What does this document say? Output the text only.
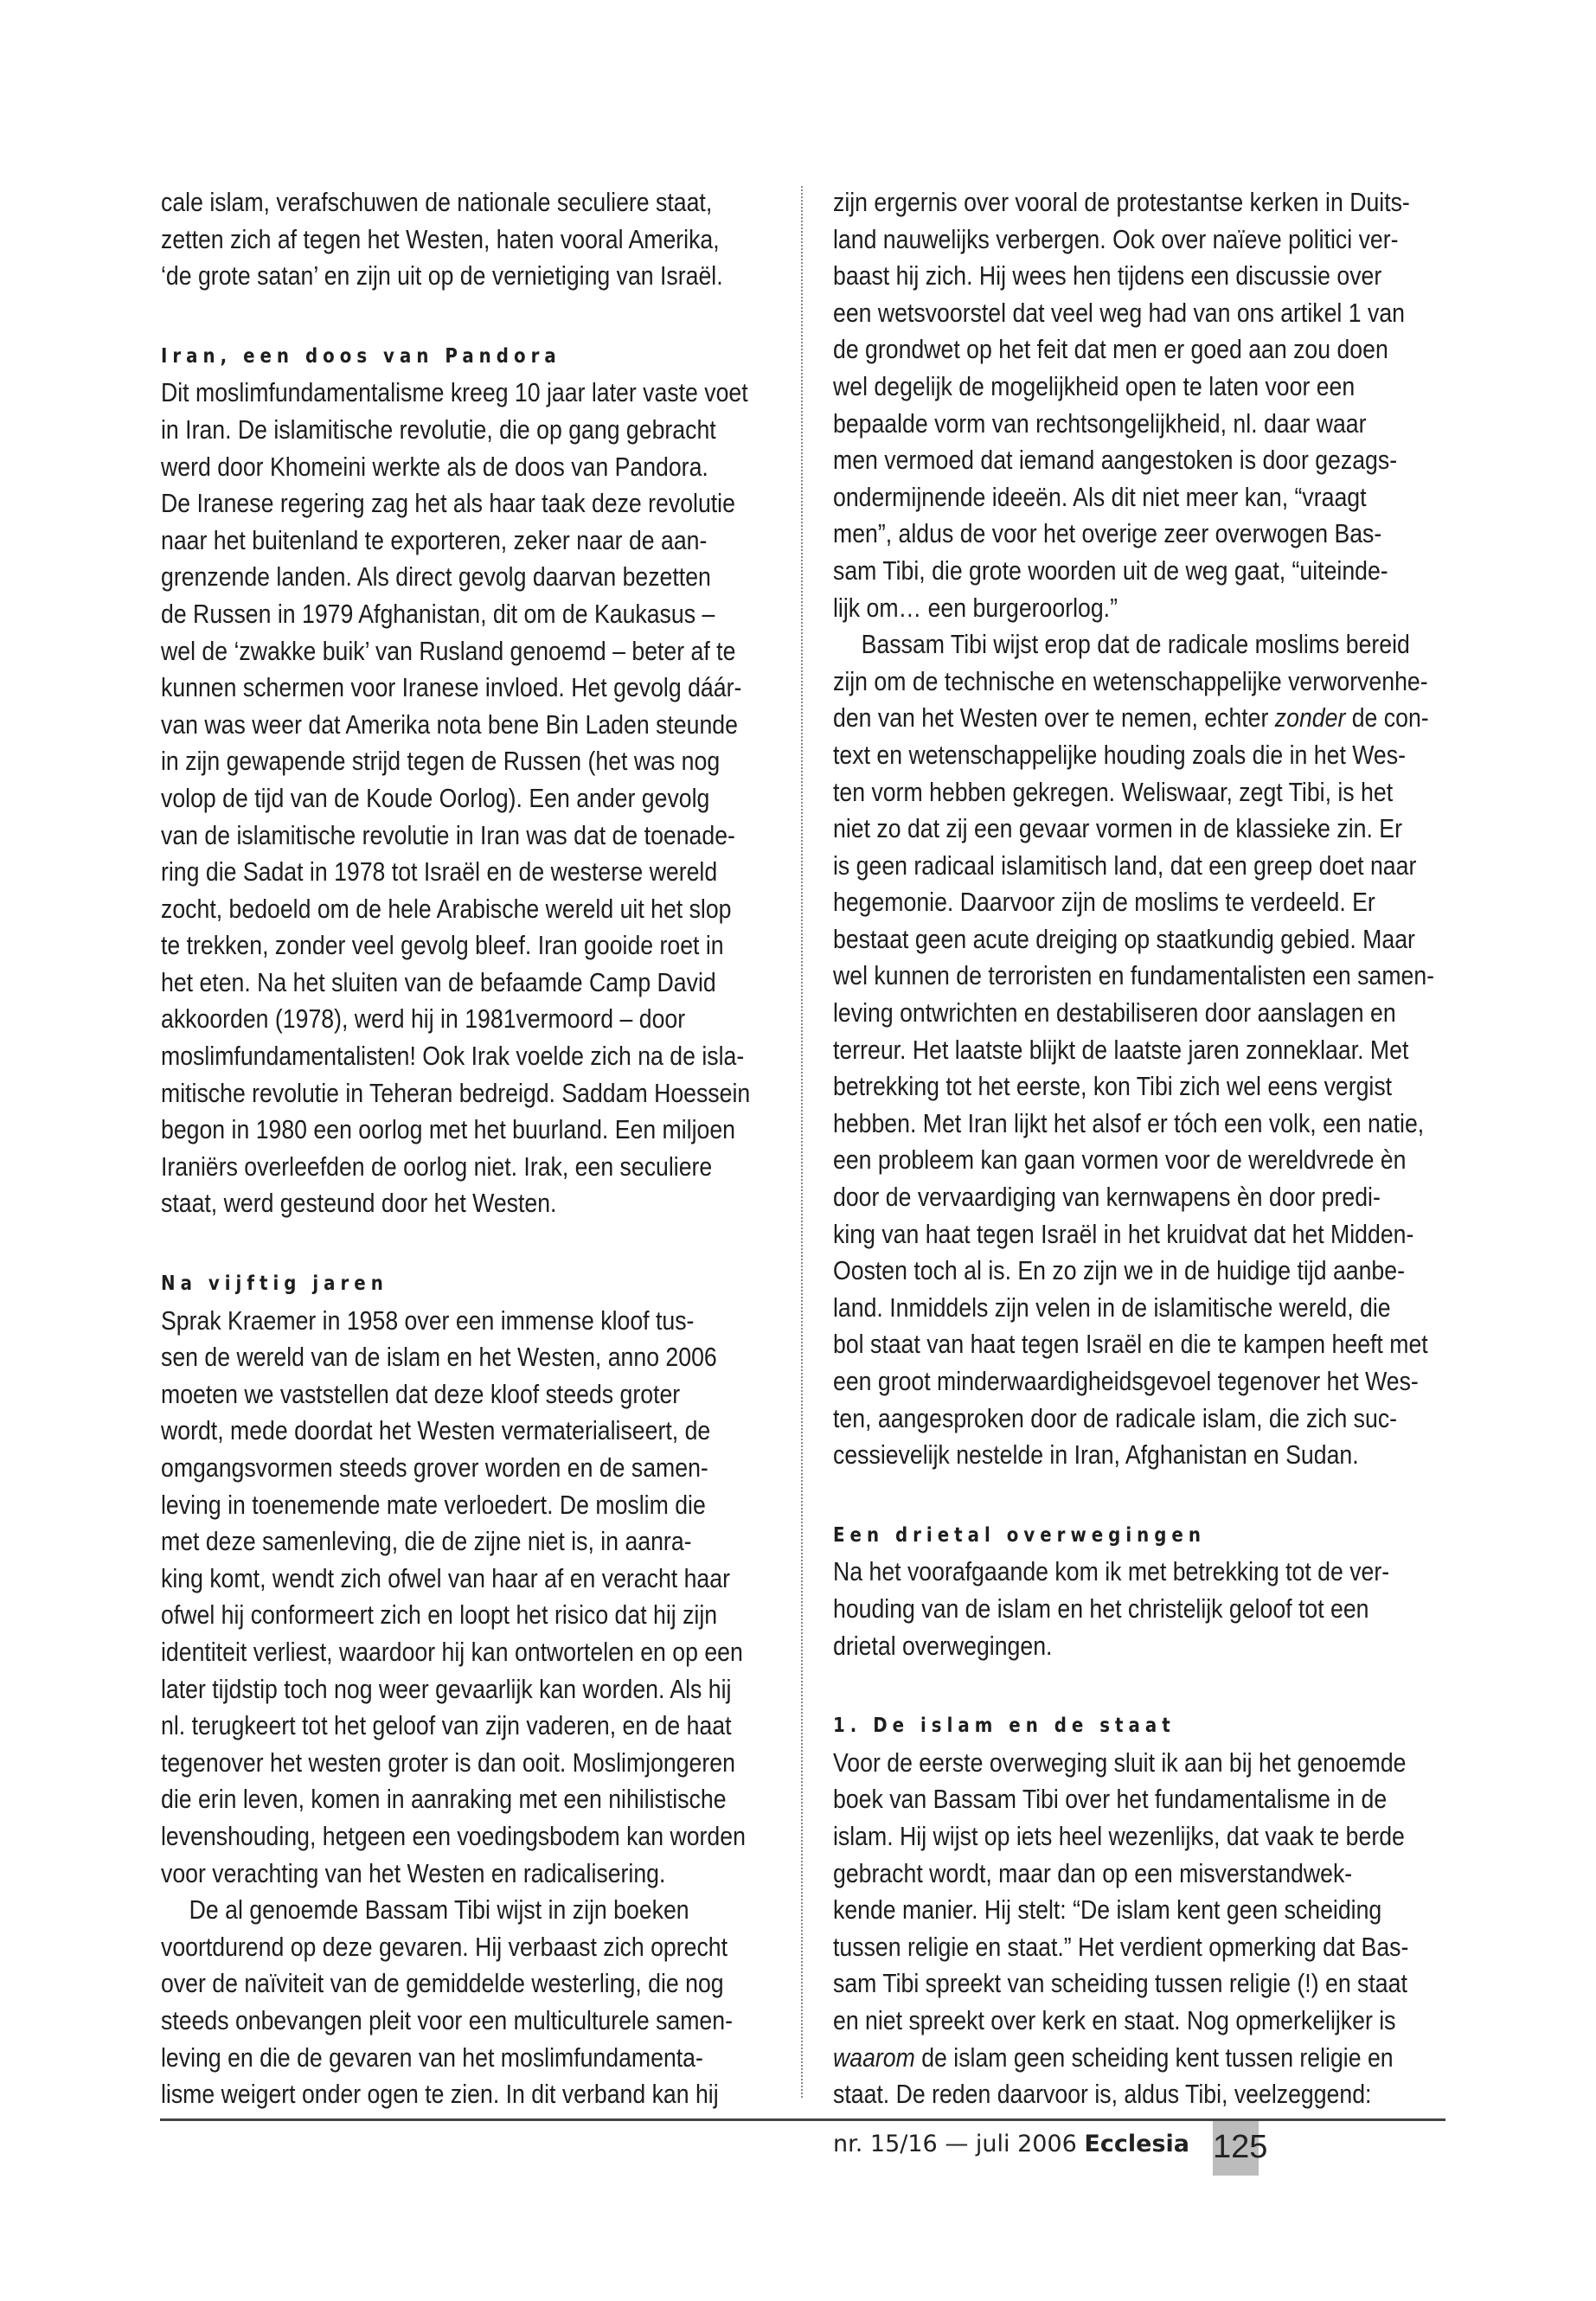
cale islam, verafschuwen de nationale seculiere staat,
zetten zich af tegen het Westen, haten vooral Amerika,
‘de grote satan’ en zijn uit op de vernietiging van Israël.
Iran, een doos van Pandora
Dit moslimfundamentalisme kreeg 10 jaar later vaste voet
in Iran. De islamitische revolutie, die op gang gebracht
werd door Khomeini werkte als de doos van Pandora.
De Iranese regering zag het als haar taak deze revolutie
naar het buitenland te exporteren, zeker naar de aan-
grenzende landen. Als direct gevolg daarvan bezetten
de Russen in 1979 Afghanistan, dit om de Kaukasus –
wel de ‘zwakke buik’ van Rusland genoemd – beter af te
kunnen schermen voor Iranese invloed. Het gevolg dáár-
van was weer dat Amerika nota bene Bin Laden steunde
in zijn gewapende strijd tegen de Russen (het was nog
volop de tijd van de Koude Oorlog). Een ander gevolg
van de islamitische revolutie in Iran was dat de toenade-
ring die Sadat in 1978 tot Israël en de westerse wereld
zocht, bedoeld om de hele Arabische wereld uit het slop
te trekken, zonder veel gevolg bleef. Iran gooide roet in
het eten. Na het sluiten van de befaamde Camp David
akkoorden (1978), werd hij in 1981vermoord – door
moslimfundamentalisten! Ook Irak voelde zich na de isla-
mitische revolutie in Teheran bedreigd. Saddam Hoessein
begon in 1980 een oorlog met het buurland. Een miljoen
Iraniërs overleefden de oorlog niet. Irak, een seculiere
staat, werd gesteund door het Westen.
Na vijftig jaren
Sprak Kraemer in 1958 over een immense kloof tus-
sen de wereld van de islam en het Westen, anno 2006
moeten we vaststellen dat deze kloof steeds groter
wordt, mede doordat het Westen vermaterialiseert, de
omgangsvormen steeds grover worden en de samen-
leving in toenemende mate verloedert. De moslim die
met deze samenleving, die de zijne niet is, in aanra-
king komt, wendt zich ofwel van haar af en veracht haar
ofwel hij conformeert zich en loopt het risico dat hij zijn
identiteit verliest, waardoor hij kan ontwortelen en op een
later tijdstip toch nog weer gevaarlijk kan worden. Als hij
nl. terugkeert tot het geloof van zijn vaderen, en de haat
tegenover het westen groter is dan ooit. Moslimjongeren
die erin leven, komen in aanraking met een nihilistische
levenshouding, hetgeen een voedingsbodem kan worden
voor verachting van het Westen en radicalisering.
De al genoemde Bassam Tibi wijst in zijn boeken
voortdurend op deze gevaren. Hij verbaast zich oprecht
over de naïviteit van de gemiddelde westerling, die nog
steeds onbevangen pleit voor een multiculturele samen-
leving en die de gevaren van het moslimfundamenta-
lisme weigert onder ogen te zien. In dit verband kan hij
zijn ergernis over vooral de protestantse kerken in Duits-
land nauwelijks verbergen. Ook over naïeve politici ver-
baast hij zich. Hij wees hen tijdens een discussie over
een wetsvoorstel dat veel weg had van ons artikel 1 van
de grondwet op het feit dat men er goed aan zou doen
wel degelijk de mogelijkheid open te laten voor een
bepaalde vorm van rechtsongelijkheid, nl. daar waar
men vermoed dat iemand aangestoken is door gezags-
ondermijnende ideeën. Als dit niet meer kan, “vraagt
men”, aldus de voor het overige zeer overwogen Bas-
sam Tibi, die grote woorden uit de weg gaat, “uiteinde-
lijk om… een burgeroorlog.”
Bassam Tibi wijst erop dat de radicale moslims bereid
zijn om de technische en wetenschappelijke verworvenhe-
den van het Westen over te nemen, echter zonder de con-
text en wetenschappelijke houding zoals die in het Wes-
ten vorm hebben gekregen. Weliswaar, zegt Tibi, is het
niet zo dat zij een gevaar vormen in de klassieke zin. Er
is geen radicaal islamitisch land, dat een greep doet naar
hegemonie. Daarvoor zijn de moslims te verdeeld. Er
bestaat geen acute dreiging op staatkundig gebied. Maar
wel kunnen de terroristen en fundamentalisten een samen-
leving ontwrichten en destabiliseren door aanslagen en
terreur. Het laatste blijkt de laatste jaren zonneklaar. Met
betrekking tot het eerste, kon Tibi zich wel eens vergist
hebben. Met Iran lijkt het alsof er tóch een volk, een natie,
een probleem kan gaan vormen voor de wereldvrede èn
door de vervaardiging van kernwapens èn door predi-
king van haat tegen Israël in het kruidvat dat het Midden-
Oosten toch al is. En zo zijn we in de huidige tijd aanbe-
land. Inmiddels zijn velen in de islamitische wereld, die
bol staat van haat tegen Israël en die te kampen heeft met
een groot minderwaardigheidsgevoel tegenover het Wes-
ten, aangesproken door de radicale islam, die zich suc-
cessievelijk nestelde in Iran, Afghanistan en Sudan.
Een drietal overwegingen
Na het voorafgaande kom ik met betrekking tot de ver-
houding van de islam en het christelijk geloof tot een
drietal overwegingen.
1. De islam en de staat
Voor de eerste overweging sluit ik aan bij het genoemde
boek van Bassam Tibi over het fundamentalisme in de
islam. Hij wijst op iets heel wezenlijks, dat vaak te berde
gebracht wordt, maar dan op een misverstandwek-
kende manier. Hij stelt: “De islam kent geen scheiding
tussen religie en staat.” Het verdient opmerking dat Bas-
sam Tibi spreekt van scheiding tussen religie (!) en staat
en niet spreekt over kerk en staat. Nog opmerkelijker is
waarom de islam geen scheiding kent tussen religie en
staat. De reden daarvoor is, aldus Tibi, veelzeggend:
nr. 15/16 — juli 2006 Ecclesia 125
